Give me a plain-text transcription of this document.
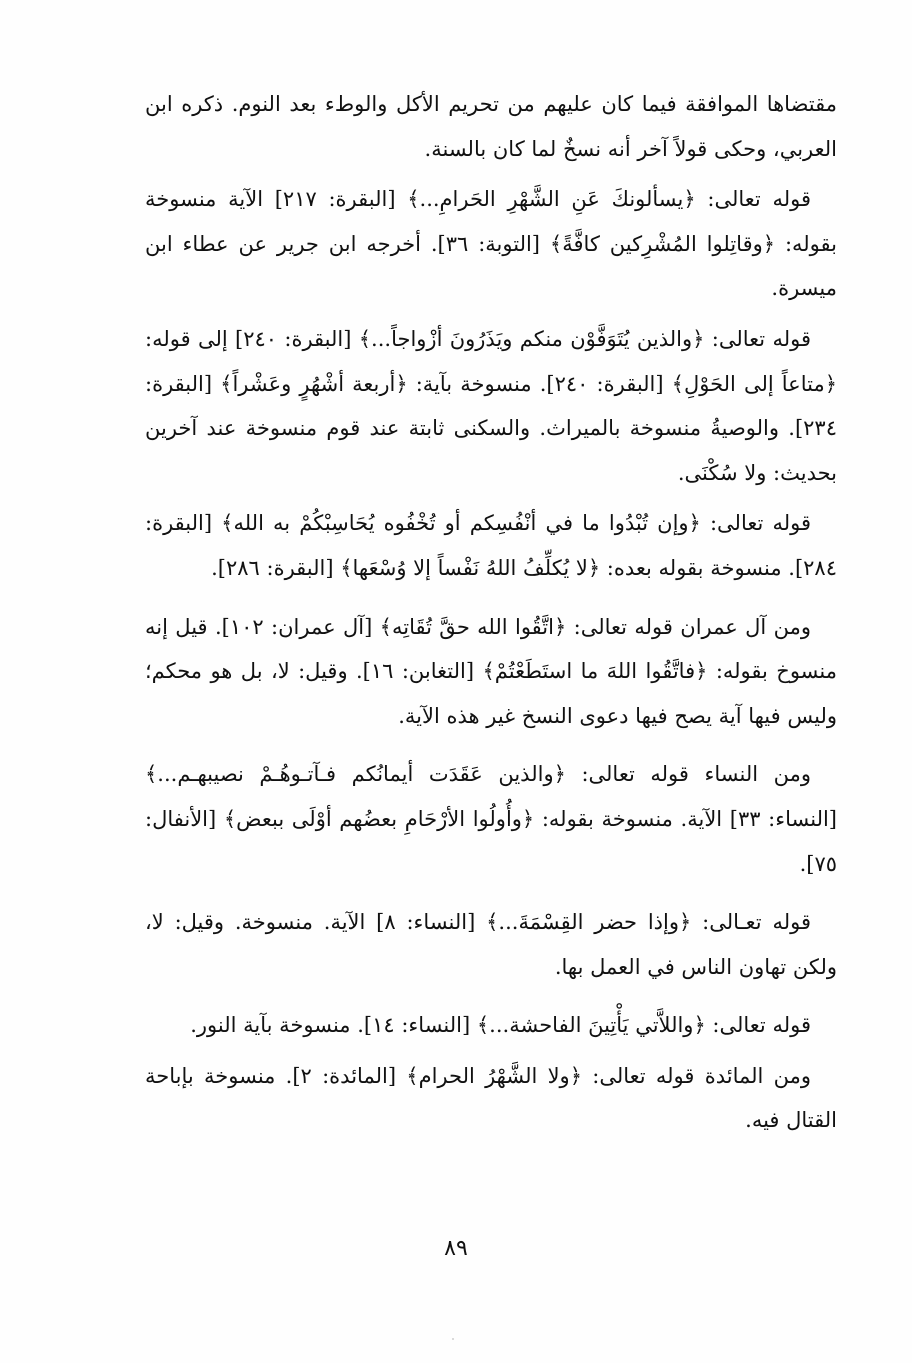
مقتضاها الموافقة فيما كان عليهم من تحريم الأكل والوطء بعد النوم. ذكره ابن العربي، وحكى قولاً آخر أنه نسخٌ لما كان بالسنة.

قوله تعالى: ﴿يسألونكَ عَنِ الشَّهْرِ الحَرامِ...﴾ [البقرة: ٢١٧] الآية منسوخة بقوله: ﴿وقاتِلوا المُشْرِكين كافَّةً﴾ [التوبة: ٣٦]. أخرجه ابن جرير عن عطاء ابن ميسرة.

قوله تعالى: ﴿والذين يُتَوَفَّوْن منكم ويَذَرُونَ أزْواجاً...﴾ [البقرة: ٢٤٠] إلى قوله: ﴿متاعاً إلى الحَوْلِ﴾ [البقرة: ٢٤٠]. منسوخة بآية: ﴿أربعة أشْهُرٍ وعَشْراً﴾ [البقرة: ٢٣٤]. والوصيةُ منسوخة بالميراث. والسكنى ثابتة عند قوم منسوخة عند آخرين بحديث: ولا سُكْنَى.

قوله تعالى: ﴿وإن تُبْدُوا ما في أنْفُسِكم أو تُخْفُوه يُحَاسِبْكُمْ به الله﴾ [البقرة: ٢٨٤]. منسوخة بقوله بعده: ﴿لا يُكلِّفُ اللهُ نَفْساً إلا وُسْعَها﴾ [البقرة: ٢٨٦].

ومن آل عمران قوله تعالى: ﴿اتَّقُوا الله حقَّ تُقَاتِه﴾ [آل عمران: ١٠٢]. قيل إنه منسوخ بقوله: ﴿فاتَّقُوا اللهَ ما استَطَعْتُمْ﴾ [التغابن: ١٦]. وقيل: لا، بل هو محكم؛ وليس فيها آية يصح فيها دعوى النسخ غير هذه الآية.

ومن النساء قوله تعالى: ﴿والذين عَقَدَت أيمانُكم فـآتـوهُـمْ نصيبهـم...﴾ [النساء: ٣٣] الآية. منسوخة بقوله: ﴿وأُولُوا الأرْحَامِ بعضُهم أوْلَى ببعض﴾ [الأنفال: ٧٥].

قوله تعـالى: ﴿وإذا حضر القِسْمَةَ...﴾ [النساء: ٨] الآية. منسوخة. وقيل: لا، ولكن تهاون الناس في العمل بها.

قوله تعالى: ﴿واللاَّتي يَأْتِينَ الفاحشة...﴾ [النساء: ١٤]. منسوخة بآية النور.

ومن المائدة قوله تعالى: ﴿ولا الشَّهْرُ الحرام﴾ [المائدة: ٢]. منسوخة بإباحة القتال فيه.

٨٩
